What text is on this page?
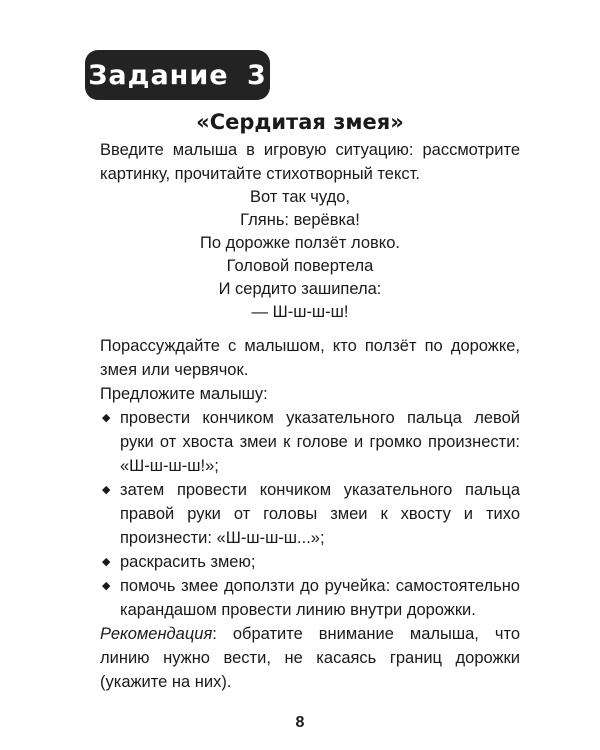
Задание 3
«Сердитая змея»

Введите малыша в игровую ситуацию: рассмотрите картинку, прочитайте стихотворный текст.

Вот так чудо,
Глянь: верёвка!
По дорожке ползёт ловко.
Головой повертела
И сердито зашипела:
— Ш-ш-ш-ш!

Порассуждайте с малышом, кто ползёт по дорожке, змея или червячок.

Предложите малышу:

◆ провести кончиком указательного пальца левой руки от хвоста змеи к голове и громко произнести: «Ш-ш-ш-ш!»;
◆ затем провести кончиком указательного пальца правой руки от головы змеи к хвосту и тихо произнести: «Ш-ш-ш-ш...»;
◆ раскрасить змею;
◆ помочь змее доползти до ручейка: самостоятельно карандашом провести линию внутри дорожки.

Рекомендация: обратите внимание малыша, что линию нужно вести, не касаясь границ дорожки (укажите на них).

8
